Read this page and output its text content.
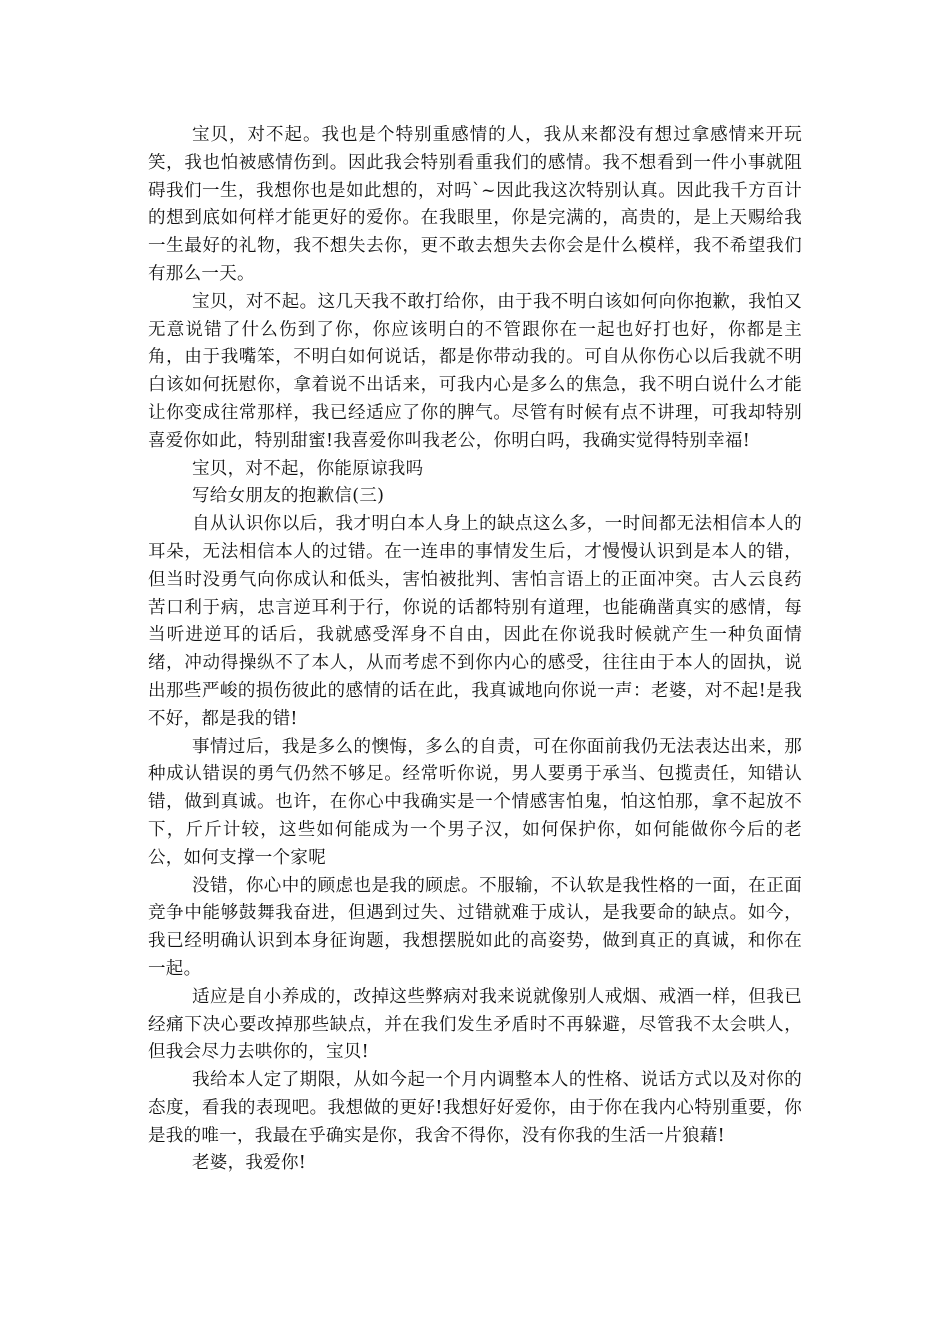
宝贝，对不起。我也是个特别重感情的人，我从来都没有想过拿感情来开玩笑，我也怕被感情伤到。因此我会特别看重我们的感情。我不想看到一件小事就阻碍我们一生，我想你也是如此想的，对吗`~因此我这次特别认真。因此我千方百计的想到底如何样才能更好的爱你。在我眼里，你是完满的，高贵的，是上天赐给我一生最好的礼物，我不想失去你，更不敢去想失去你会是什么模样，我不希望我们有那么一天。

宝贝，对不起。这几天我不敢打给你，由于我不明白该如何向你抱歉，我怕又无意说错了什么伤到了你，你应该明白的不管跟你在一起也好打也好，你都是主角，由于我嘴笨，不明白如何说话，都是你带动我的。可自从你伤心以后我就不明白该如何抚慰你，拿着说不出话来，可我内心是多么的焦急，我不明白说什么才能让你变成往常那样，我已经适应了你的脾气。尽管有时候有点不讲理，可我却特别喜爱你如此，特别甜蜜!我喜爱你叫我老公，你明白吗，我确实觉得特别幸福!

宝贝，对不起，你能原谅我吗

写给女朋友的抱歉信(三)

自从认识你以后，我才明白本人身上的缺点这么多，一时间都无法相信本人的耳朵，无法相信本人的过错。在一连串的事情发生后，才慢慢认识到是本人的错，但当时没勇气向你成认和低头，害怕被批判、害怕言语上的正面冲突。古人云良药苦口利于病，忠言逆耳利于行，你说的话都特别有道理，也能确凿真实的感情，每当听进逆耳的话后，我就感受浑身不自由，因此在你说我时候就产生一种负面情绪，冲动得操纵不了本人，从而考虑不到你内心的感受，往往由于本人的固执，说出那些严峻的损伤彼此的感情的话在此，我真诚地向你说一声：老婆，对不起!是我不好，都是我的错!

事情过后，我是多么的懊悔，多么的自责，可在你面前我仍无法表达出来，那种成认错误的勇气仍然不够足。经常听你说，男人要勇于承当、包揽责任，知错认错，做到真诚。也许，在你心中我确实是一个情感害怕鬼，怕这怕那，拿不起放不下，斤斤计较，这些如何能成为一个男子汉，如何保护你，如何能做你今后的老公，如何支撑一个家呢

没错，你心中的顾虑也是我的顾虑。不服输，不认软是我性格的一面，在正面竞争中能够鼓舞我奋进，但遇到过失、过错就难于成认，是我要命的缺点。如今，我已经明确认识到本身征询题，我想摆脱如此的高姿势，做到真正的真诚，和你在一起。

适应是自小养成的，改掉这些弊病对我来说就像别人戒烟、戒酒一样，但我已经痛下决心要改掉那些缺点，并在我们发生矛盾时不再躲避，尽管我不太会哄人，但我会尽力去哄你的，宝贝!

我给本人定了期限，从如今起一个月内调整本人的性格、说话方式以及对你的态度，看我的表现吧。我想做的更好!我想好好爱你，由于你在我内心特别重要，你是我的唯一，我最在乎确实是你，我舍不得你，没有你我的生活一片狼藉!

老婆，我爱你!
